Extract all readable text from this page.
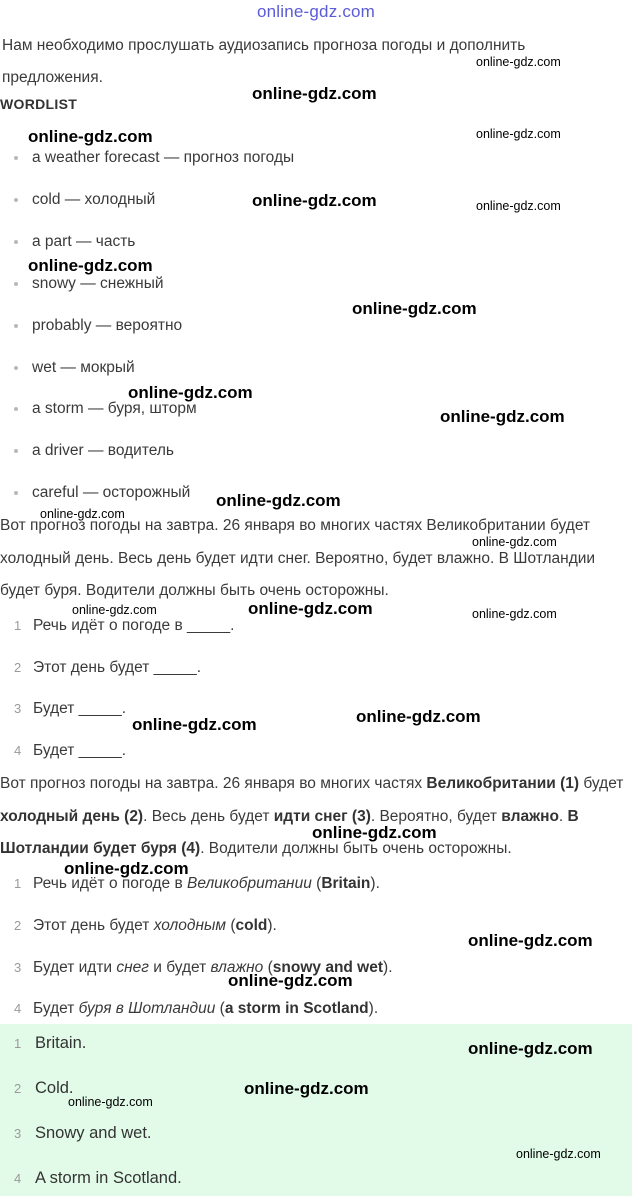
online-gdz.com
Нам необходимо прослушать аудиозапись прогноза погоды и дополнить предложения.
WORDLIST
a weather forecast — прогноз погоды
cold — холодный
a part — часть
snowy — снежный
probably — вероятно
wet — мокрый
a storm — буря, шторм
a driver — водитель
careful — осторожный
Вот прогноз погоды на завтра. 26 января во многих частях Великобритании будет холодный день. Весь день будет идти снег. Вероятно, будет влажно. В Шотландии будет буря. Водители должны быть очень осторожны.
1 Речь идёт о погоде в _____.
2 Этот день будет _____.
3 Будет _____.
4 Будет _____.
Вот прогноз погоды на завтра. 26 января во многих частях Великобритании (1) будет холодный день (2). Весь день будет идти снег (3). Вероятно, будет влажно. В Шотландии будет буря (4). Водители должны быть очень осторожны.
1 Речь идёт о погоде в Великобритании (Britain).
2 Этот день будет холодным (cold).
3 Будет идти снег и будет влажно (snowy and wet).
4 Будет буря в Шотландии (a storm in Scotland).
1 Britain.
2 Cold.
3 Snowy and wet.
4 A storm in Scotland.
online-gdz.com
online-gdz.com
online-gdz.com	online-gdz.com
online-gdz.com	online-gdz.com
online-gdz.com
online-gdz.com
online-gdz.com
online-gdz.com
online-gdz.com
online-gdz.com
online-gdz.com
online-gdz.com
online-gdz.com	online-gdz.com
online-gdz.com
online-gdz.com
online-gdz.com
online-gdz.com
online-gdz.com
online-gdz.com
online-gdz.com
online-gdz.com
online-gdz.com
online-gdz.com
